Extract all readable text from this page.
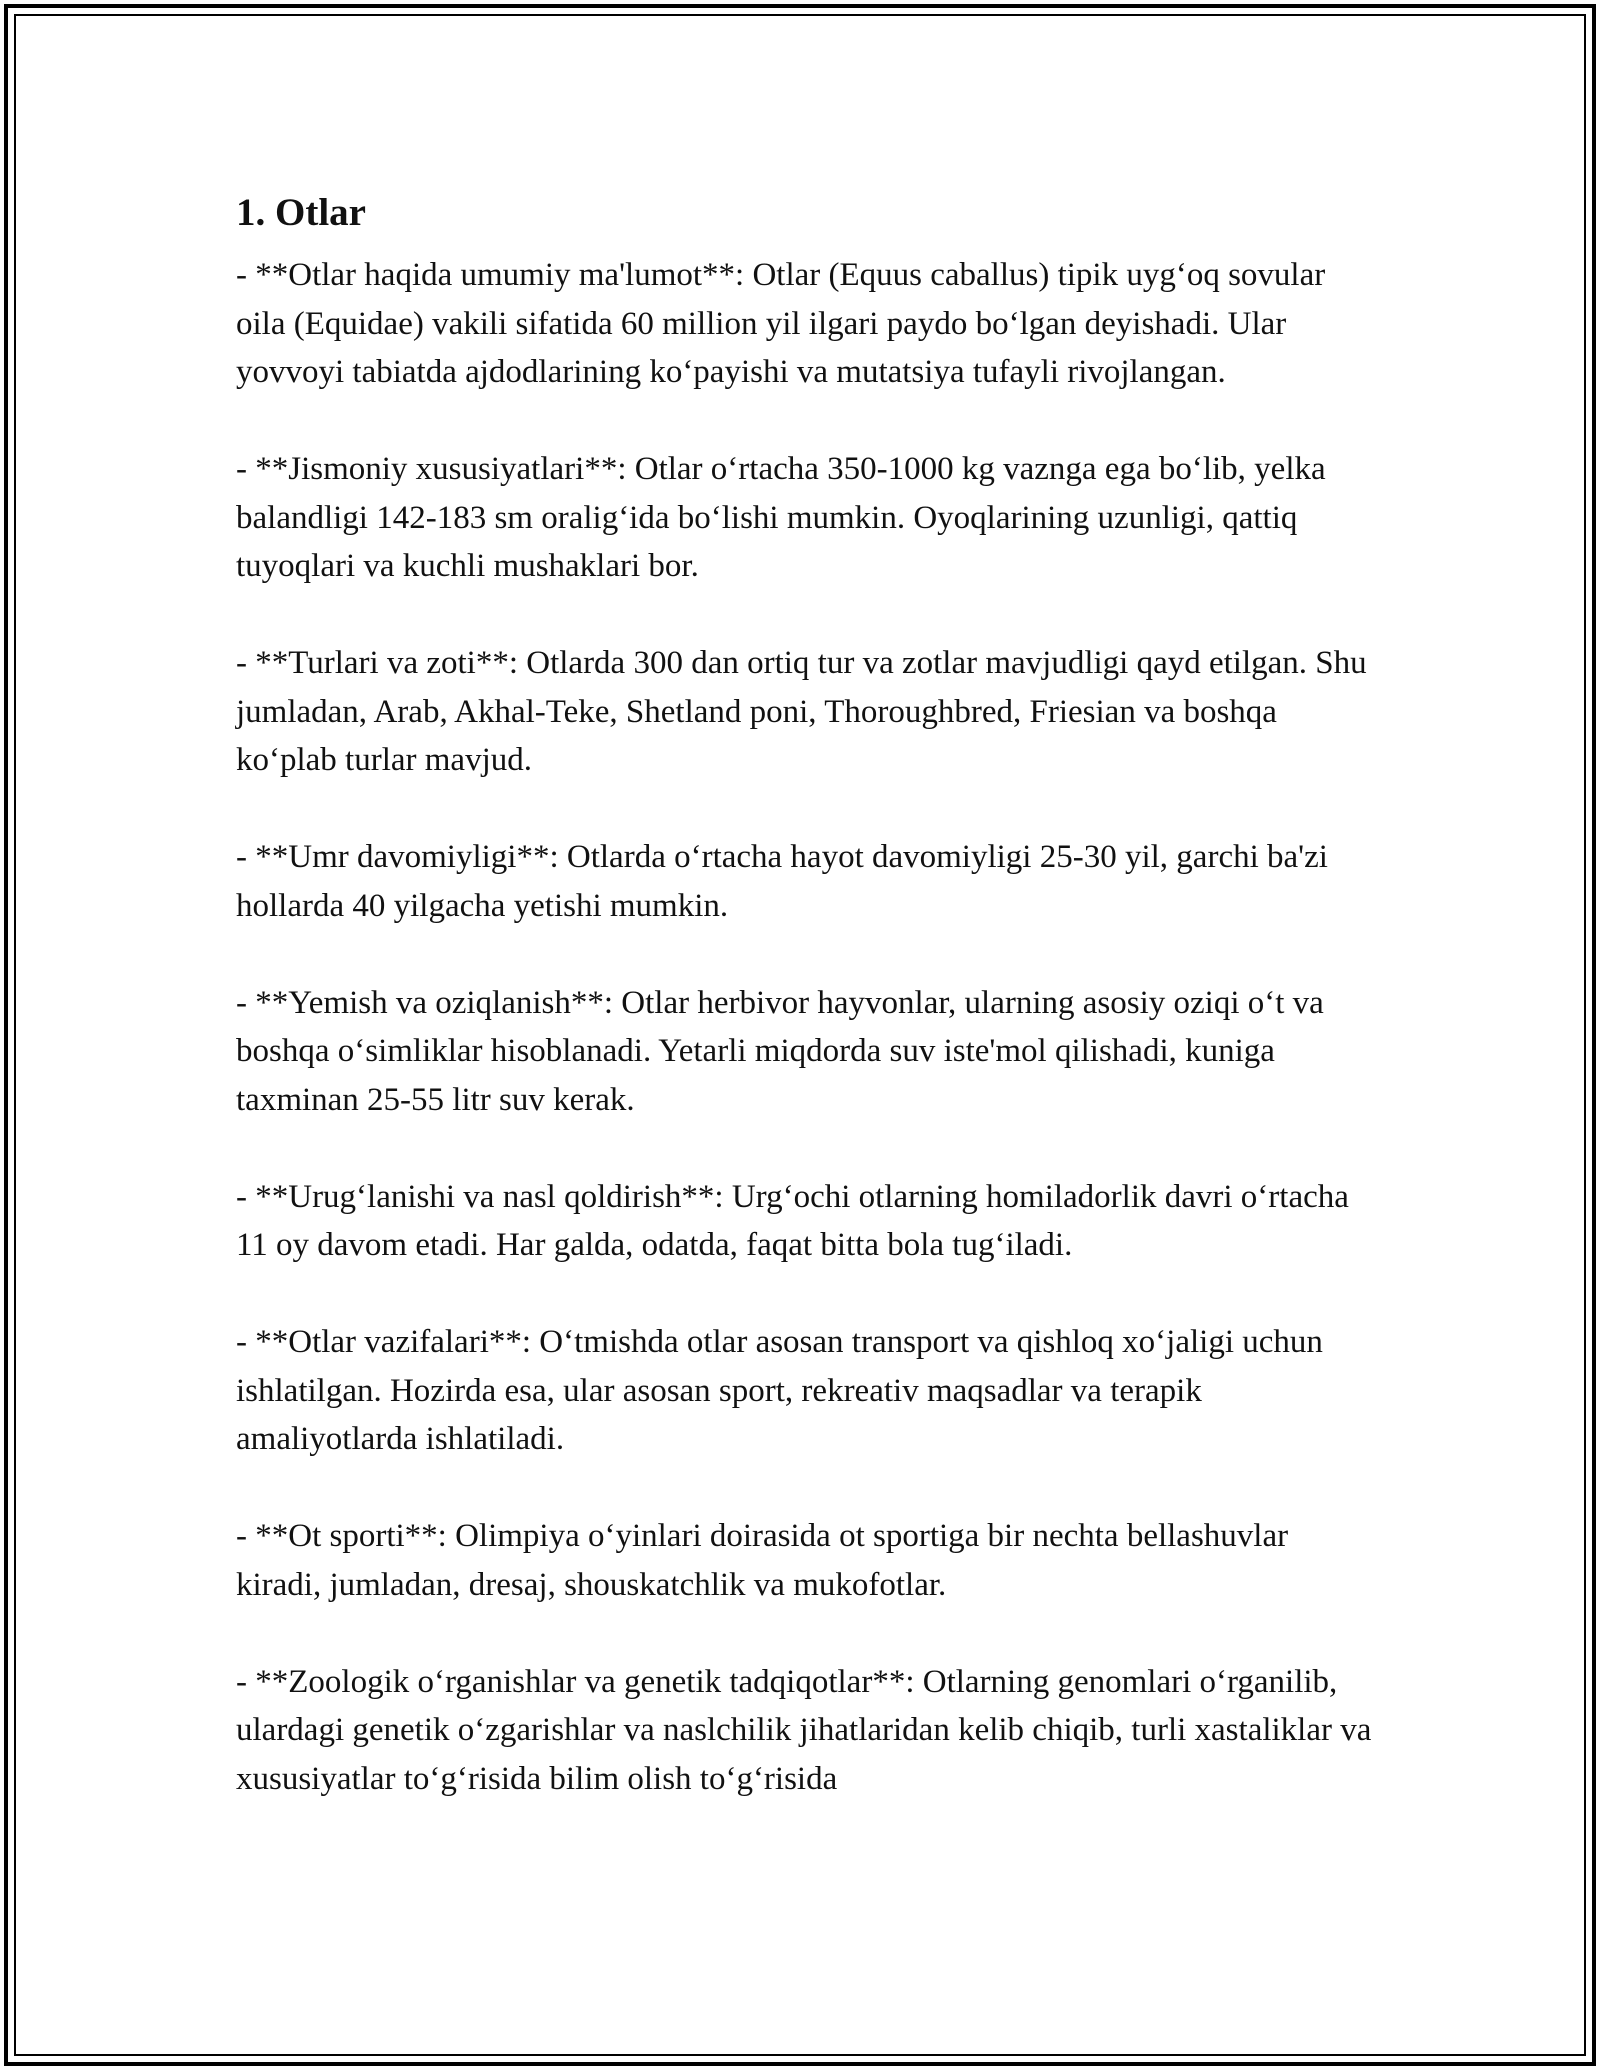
1. Otlar

- **Otlar haqida umumiy ma'lumot**: Otlar (Equus caballus) tipik uyg‘oq sovular oila (Equidae) vakili sifatida 60 million yil ilgari paydo bo‘lgan deyishadi. Ular yovvoyi tabiatda ajdodlarining ko‘payishi va mutatsiya tufayli rivojlangan.

- **Jismoniy xususiyatlari**: Otlar o‘rtacha 350-1000 kg vaznga ega bo‘lib, yelka balandligi 142-183 sm oralig‘ida bo‘lishi mumkin. Oyoqlarining uzunligi, qattiq tuyoqlari va kuchli mushaklari bor.

- **Turlari va zoti**: Otlarda 300 dan ortiq tur va zotlar mavjudligi qayd etilgan. Shu jumladan, Arab, Akhal-Teke, Shetland poni, Thoroughbred, Friesian va boshqa ko‘plab turlar mavjud.

- **Umr davomiyligi**: Otlarda o‘rtacha hayot davomiyligi 25-30 yil, garchi ba'zi hollarda 40 yilgacha yetishi mumkin.

- **Yemish va oziqlanish**: Otlar herbivor hayvonlar, ularning asosiy oziqi o‘t va boshqa o‘simliklar hisoblanadi. Yetarli miqdorda suv iste'mol qilishadi, kuniga taxminan 25-55 litr suv kerak.

- **Urug‘lanishi va nasl qoldirish**: Urg‘ochi otlarning homiladorlik davri o‘rtacha 11 oy davom etadi. Har galda, odatda, faqat bitta bola tug‘iladi.

- **Otlar vazifalari**: O‘tmishda otlar asosan transport va qishloq xo‘jaligi uchun ishlatilgan. Hozirda esa, ular asosan sport, rekreativ maqsadlar va terapik amaliyotlarda ishlatiladi.

- **Ot sporti**: Olimpiya o‘yinlari doirasida ot sportiga bir nechta bellashuvlar kiradi, jumladan, dresaj, shouskatchlik va mukofotlar.

- **Zoologik o‘rganishlar va genetik tadqiqotlar**: Otlarning genomlari o‘rganilib, ulardagi genetik o‘zgarishlar va naslchilik jihatlaridan kelib chiqib, turli xastaliklar va xususiyatlar to‘g‘risida bilim olish to‘g‘risida
